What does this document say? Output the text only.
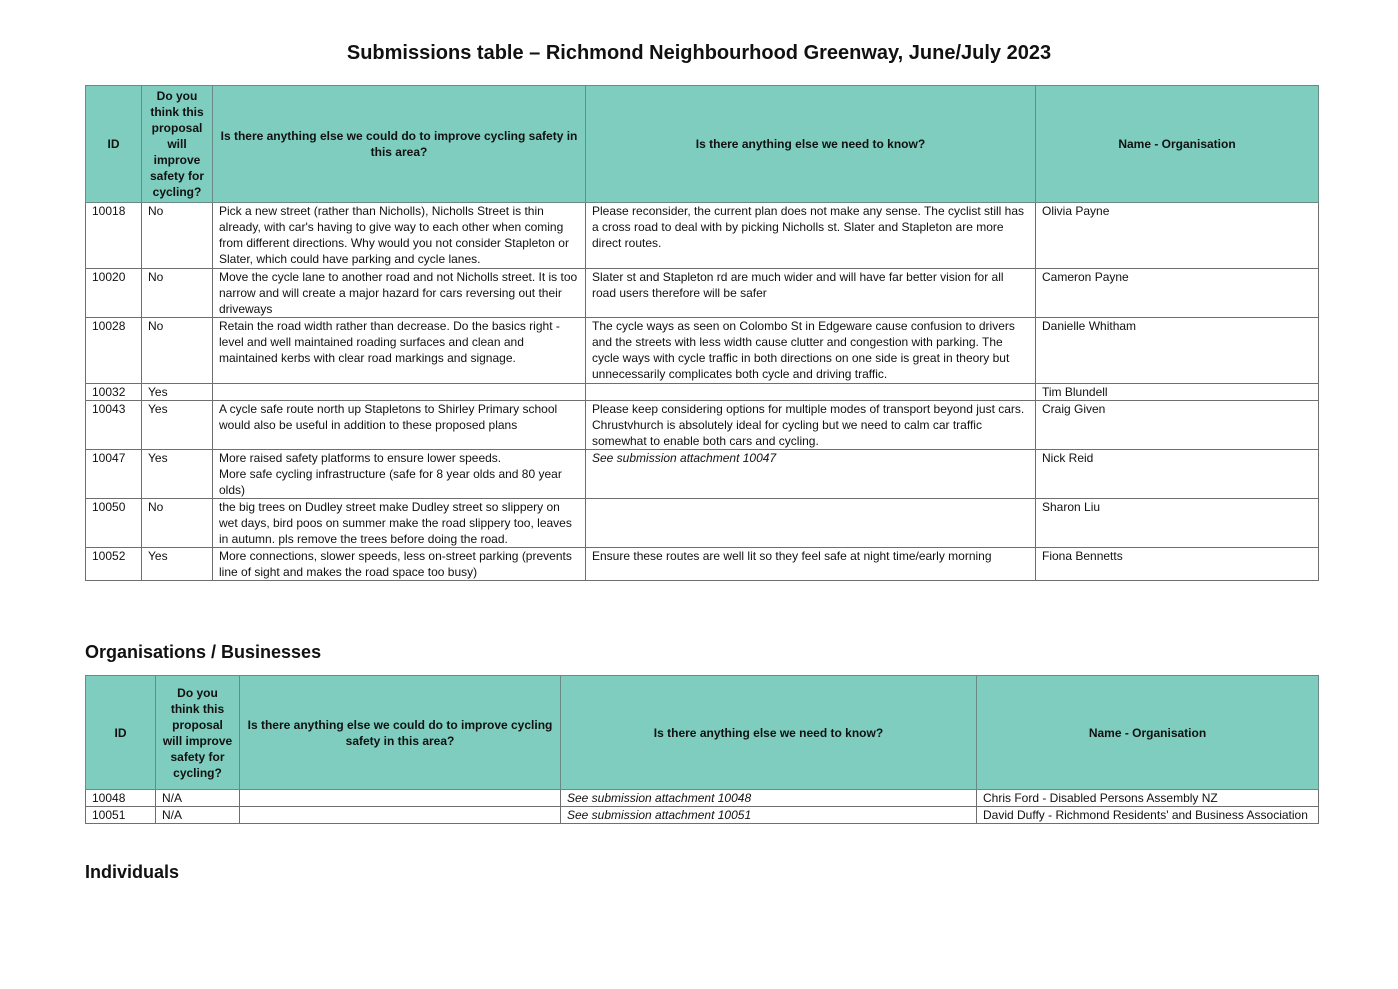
Submissions table – Richmond Neighbourhood Greenway, June/July 2023
ID	Do you think this proposal will improve safety for cycling?	Is there anything else we could do to improve cycling safety in this area?	Is there anything else we need to know?	Name - Organisation
10018	No	Pick a new street (rather than Nicholls), Nicholls Street is thin already, with car's having to give way to each other when coming from different directions. Why would you not consider Stapleton or Slater, which could have parking and cycle lanes.	Please reconsider, the current plan does not make any sense. The cyclist still has a cross road to deal with by picking Nicholls st. Slater and Stapleton are more direct routes.	Olivia Payne
10020	No	Move the cycle lane to another road and not Nicholls street. It is too narrow and will create a major hazard for cars reversing out their driveways	Slater st and Stapleton rd are much wider and will have far better vision for all road users therefore will be safer	Cameron Payne
10028	No	Retain the road width rather than decrease. Do the basics right - level and well maintained roading surfaces and clean and maintained kerbs with clear road markings and signage.	The cycle ways as seen on Colombo St in Edgeware cause confusion to drivers and the streets with less width cause clutter and congestion with parking. The cycle ways with cycle traffic in both directions on one side is great in theory but unnecessarily complicates both cycle and driving traffic.	Danielle Whitham
10032	Yes			Tim Blundell
10043	Yes	A cycle safe route north up Stapletons to Shirley Primary school would also be useful in addition to these proposed plans	Please keep considering options for multiple modes of transport beyond just cars. Chrustvhurch is absolutely ideal for cycling but we need to calm car traffic somewhat to enable both cars and cycling.	Craig Given
10047	Yes	More raised safety platforms to ensure lower speeds.
More safe cycling infrastructure (safe for 8 year olds and 80 year olds)	See submission attachment 10047	Nick Reid
10050	No	the big trees on Dudley street make Dudley street so slippery on wet days, bird poos on summer make the road slippery too, leaves in autumn. pls remove the trees before doing the road.		Sharon Liu
10052	Yes	More connections, slower speeds, less on-street parking (prevents line of sight and makes the road space too busy)	Ensure these routes are well lit so they feel safe at night time/early morning	Fiona Bennetts
Organisations / Businesses
ID	Do you think this proposal will improve safety for cycling?	Is there anything else we could do to improve cycling safety in this area?	Is there anything else we need to know?	Name - Organisation
10048	N/A		See submission attachment 10048	Chris Ford - Disabled Persons Assembly NZ
10051	N/A		See submission attachment 10051	David Duffy - Richmond Residents' and Business Association
Individuals
